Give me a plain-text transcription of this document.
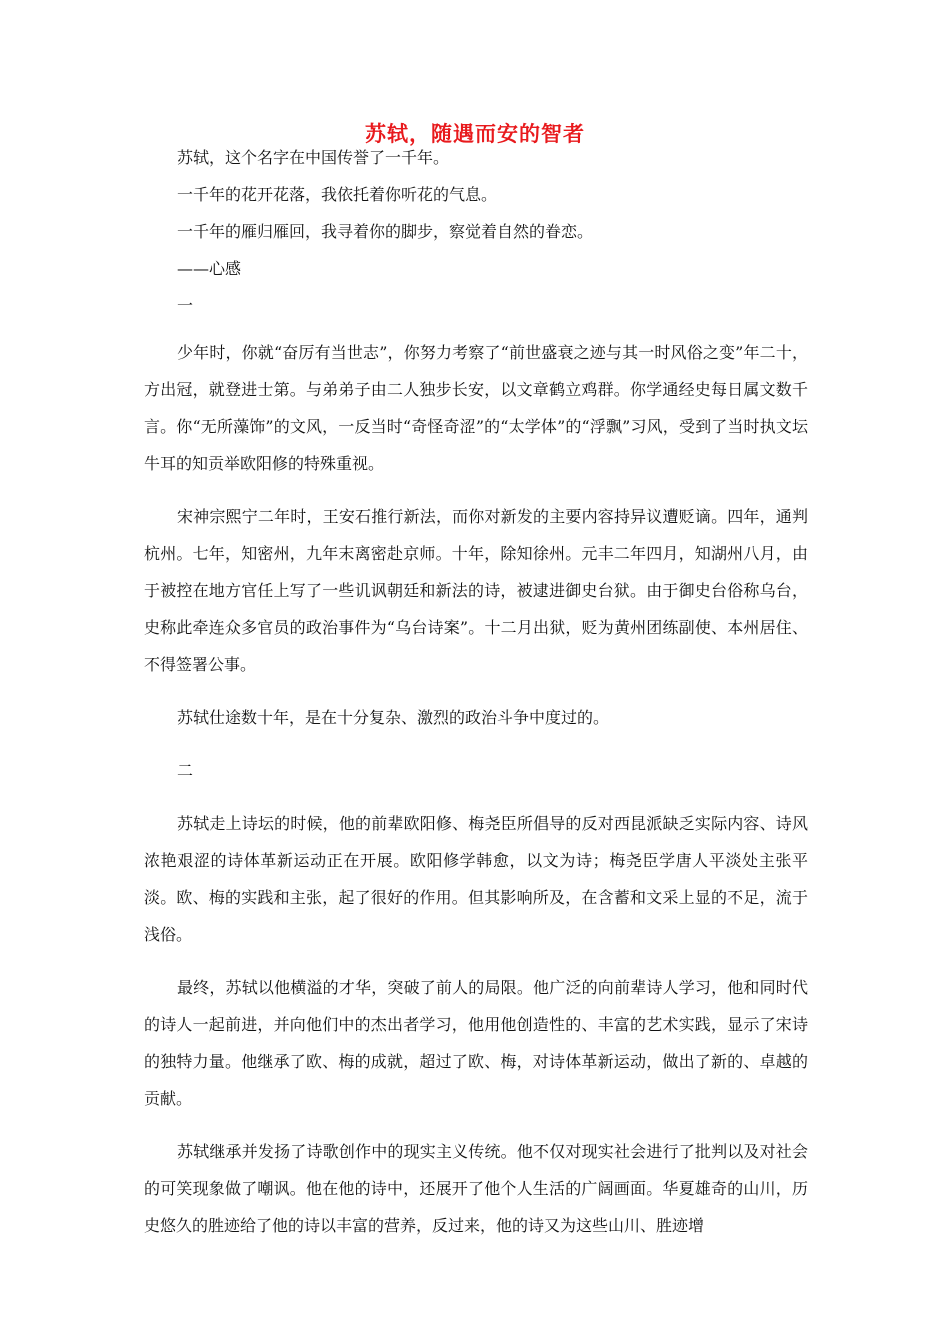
苏轼，随遇而安的智者
苏轼，这个名字在中国传誉了一千年。
一千年的花开花落，我依托着你听花的气息。
一千年的雁归雁回，我寻着你的脚步，察觉着自然的眷恋。
——心感
一

少年时，你就“奋厉有当世志”，你努力考察了“前世盛衰之迹与其一时风俗之变”年二十，方出冠，就登进士第。与弟弟子由二人独步长安，以文章鹤立鸡群。你学通经史每日属文数千言。你“无所藻饰”的文风，一反当时“奇怪奇涩”的“太学体”的“浮飘”习风，受到了当时执文坛牛耳的知贡举欧阳修的特殊重视。

宋神宗熙宁二年时，王安石推行新法，而你对新发的主要内容持异议遭贬谪。四年，通判杭州。七年，知密州，九年末离密赴京师。十年，除知徐州。元丰二年四月，知湖州八月，由于被控在地方官任上写了一些讥讽朝廷和新法的诗，被逮进御史台狱。由于御史台俗称乌台，史称此牵连众多官员的政治事件为“乌台诗案”。十二月出狱，贬为黄州团练副使、本州居住、不得签署公事。

苏轼仕途数十年，是在十分复杂、激烈的政治斗争中度过的。

二

苏轼走上诗坛的时候，他的前辈欧阳修、梅尧臣所倡导的反对西昆派缺乏实际内容、诗风浓艳艰涩的诗体革新运动正在开展。欧阳修学韩愈，以文为诗；梅尧臣学唐人平淡处主张平淡。欧、梅的实践和主张，起了很好的作用。但其影响所及，在含蓄和文采上显的不足，流于浅俗。

最终，苏轼以他横溢的才华，突破了前人的局限。他广泛的向前辈诗人学习，他和同时代的诗人一起前进，并向他们中的杰出者学习，他用他创造性的、丰富的艺术实践，显示了宋诗的独特力量。他继承了欧、梅的成就，超过了欧、梅，对诗体革新运动，做出了新的、卓越的贡献。

苏轼继承并发扬了诗歌创作中的现实主义传统。他不仅对现实社会进行了批判以及对社会的可笑现象做了嘲讽。他在他的诗中，还展开了他个人生活的广阔画面。华夏雄奇的山川，历史悠久的胜迹给了他的诗以丰富的营养，反过来，他的诗又为这些山川、胜迹增
